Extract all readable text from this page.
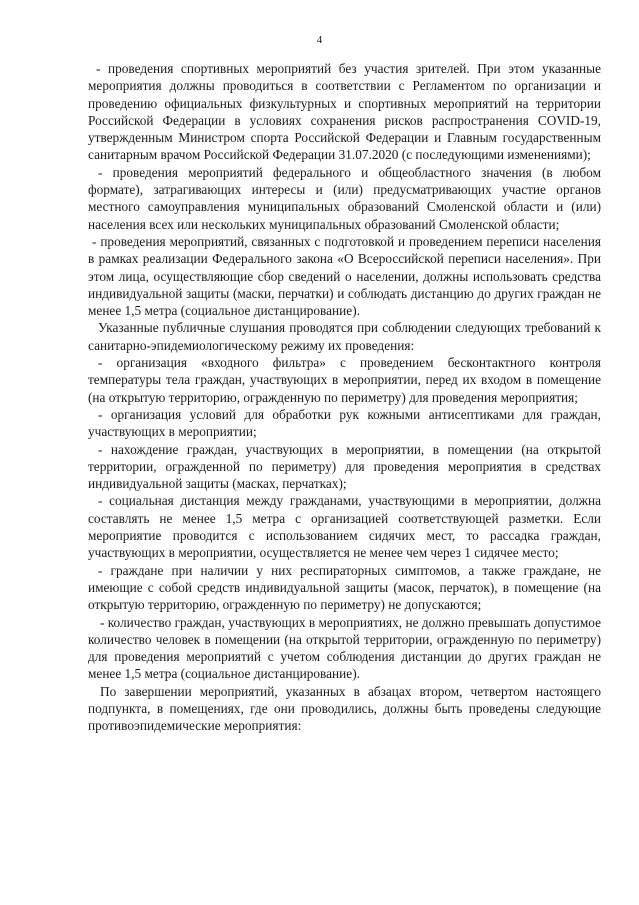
4

- проведения спортивных мероприятий без участия зрителей. При этом указанные мероприятия должны проводиться в соответствии с Регламентом по организации и проведению официальных физкультурных и спортивных мероприятий на территории Российской Федерации в условиях сохранения рисков распространения COVID-19, утвержденным Министром спорта Российской Федерации и Главным государственным санитарным врачом Российской Федерации 31.07.2020 (с последующими изменениями);

- проведения мероприятий федерального и общеобластного значения (в любом формате), затрагивающих интересы и (или) предусматривающих участие органов местного самоуправления муниципальных образований Смоленской области и (или) населения всех или нескольких муниципальных образований Смоленской области;

- проведения мероприятий, связанных с подготовкой и проведением переписи населения в рамках реализации Федерального закона «О Всероссийской переписи населения». При этом лица, осуществляющие сбор сведений о населении, должны использовать средства индивидуальной защиты (маски, перчатки) и соблюдать дистанцию до других граждан не менее 1,5 метра (социальное дистанцирование).

Указанные публичные слушания проводятся при соблюдении следующих требований к санитарно-эпидемиологическому режиму их проведения:

- организация «входного фильтра» с проведением бесконтактного контроля температуры тела граждан, участвующих в мероприятии, перед их входом в помещение (на открытую территорию, огражденную по периметру) для проведения мероприятия;

- организация условий для обработки рук кожными антисептиками для граждан, участвующих в мероприятии;

- нахождение граждан, участвующих в мероприятии, в помещении (на открытой территории, огражденной по периметру) для проведения мероприятия в средствах индивидуальной защиты (масках, перчатках);

- социальная дистанция между гражданами, участвующими в мероприятии, должна составлять не менее 1,5 метра с организацией соответствующей разметки. Если мероприятие проводится с использованием сидячих мест, то рассадка граждан, участвующих в мероприятии, осуществляется не менее чем через 1 сидячее место;

- граждане при наличии у них респираторных симптомов, а также граждане, не имеющие с собой средств индивидуальной защиты (масок, перчаток), в помещение (на открытую территорию, огражденную по периметру) не допускаются;

- количество граждан, участвующих в мероприятиях, не должно превышать допустимое количество человек в помещении (на открытой территории, огражденную по периметру) для проведения мероприятий с учетом соблюдения дистанции до других граждан не менее 1,5 метра (социальное дистанцирование).

По завершении мероприятий, указанных в абзацах втором, четвертом настоящего подпункта, в помещениях, где они проводились, должны быть проведены следующие противоэпидемические мероприятия:
